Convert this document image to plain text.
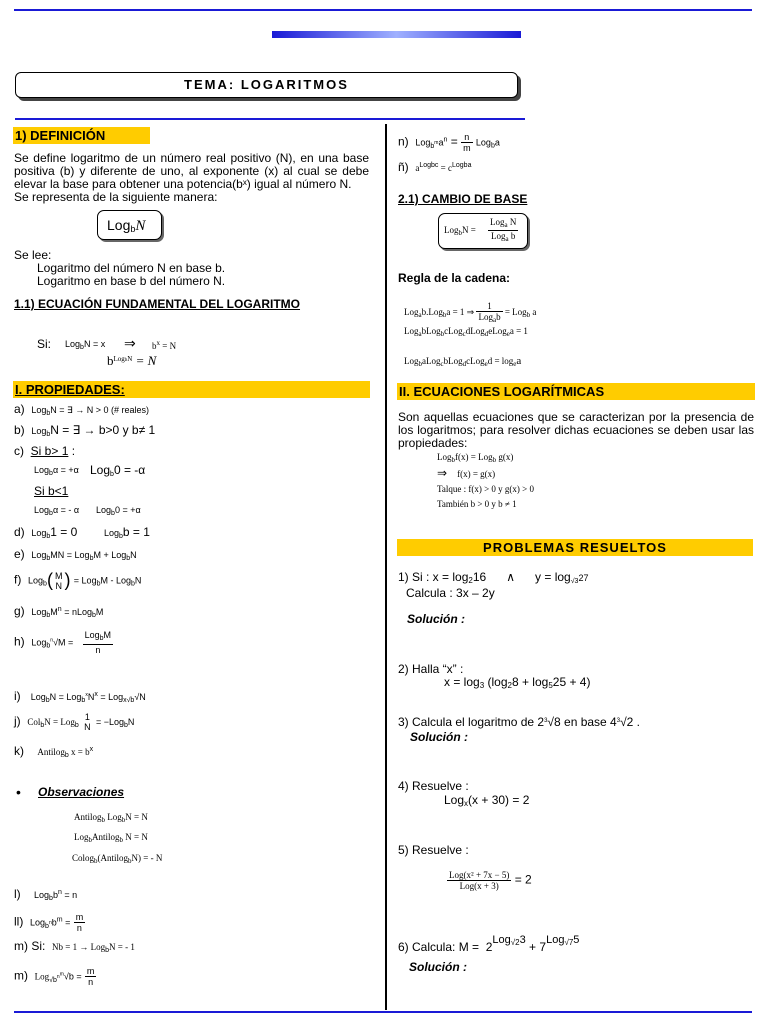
TEMA: LOGARITMOS
1) DEFINICIÓN
Se define logaritmo de un número real positivo (N), en una base positiva (b) y diferente de uno, al exponente (x) al cual se debe elevar la base para obtener una potencia(bˣ) igual al número N.
Se representa de la siguiente manera:
Log$_b$N
Se lee:
Logaritmo del número N en base b.
Logaritmo en base b del número N.
1.1) ECUACIÓN FUNDAMENTAL DEL LOGARITMO
Si: Log$_b$N = x ⇒ $b^x = N$
$b^{LogbN} = N$
I. PROPIEDADES:
a) Log$_b$N = ∃ → N > 0 (# reales)
b) Log$_b$N = ∃ → b>0 y b≠ 1
c) Si b> 1 :
Log$_b$α = +α Log$_b$0 = -α
Si b<1
Log$_b$α = - α Log$_b$0 = +α
d) Log$_b$1 = 0	Log$_b$b = 1
e) Log$_b$MN = Log$_b$M + Log$_b$N
f) Log$_b$( M
N ) = Log$_b$M - Log$_b$N
g) $Log_bM^n$ = nLog$_b$M
h) $Log_b^n√M = \frac{Log_bM}{n}$
i) $Log_bN = Log_b^xN^x = Log_{x√b}√N$
j) Col$_b$N = Log$_b$
1
N = −Log$_b$N
k) Antilog$_b$ $x = b^x$
• Observaciones
Antilog$_b$ Log$_b$N = N
Log$_b$Antilog$_b$ N = N
Colog$_b$(Antilog$_b$N) = - N
l) $Log_bb^n = n$
ll) $Log_{b^n}b^m = \frac{m}{n}$
m) Si: Nb = 1 → Log$_b$N = - 1
m) $Log_{√b^n}^m√b = \frac{m}{n}$
n) $Log_{b^m}a^n = \frac{n}{m} Log_ba$
ñ) $a^{Logbc} = c^{Logba}$
2.1) CAMBIO DE BASE
$Log_bN = \frac{Log_a N}{Log_a b}$
Regla de la cadena:
Log$_a$b.Log$_b$a = 1 ⇒ $\frac{1}{Log_ab} = Log_b$ a
Log$_a$bLog$_b$cLog$_c$dLog$_d$eLog$_e$a = 1
Log$_b$aLog$_c$bLog$_d$cLog$_e$d = $\log_ea$
II. ECUACIONES LOGARÍTMICAS
Son aquellas ecuaciones que se caracterizan por la presencia de los logaritmos; para resolver dichas ecuaciones se deben usar las propiedades:
Log$_b$f(x) = Log$_b$ g(x)
⇒ f(x) = g(x)
Talque : f(x) > 0 y g(x) > 0
También b > 0 y b ≠ 1
PROBLEMAS RESUELTOS
1) Si : $x = \log_216$ ∧ $y = \log_{√3}27$
Calcula : 3x – 2y
Solución :
2) Halla “x” :
$x = \log_3 (\log_28 + \log_525 + 4)$
3) Calcula el logaritmo de $2^3√8$ en base $4^3√2$ .
Solución :
4) Resuelve :
Log$_x$(x + 30) = 2
5) Resuelve :
$\frac{\text{Log(x² + 7x − 5)}}{\text{Log(x + 3)}} = 2$
6) Calcula: $M = 2^{Log_{√2}3} + 7^{Log_{√7}5}$
Solución :
